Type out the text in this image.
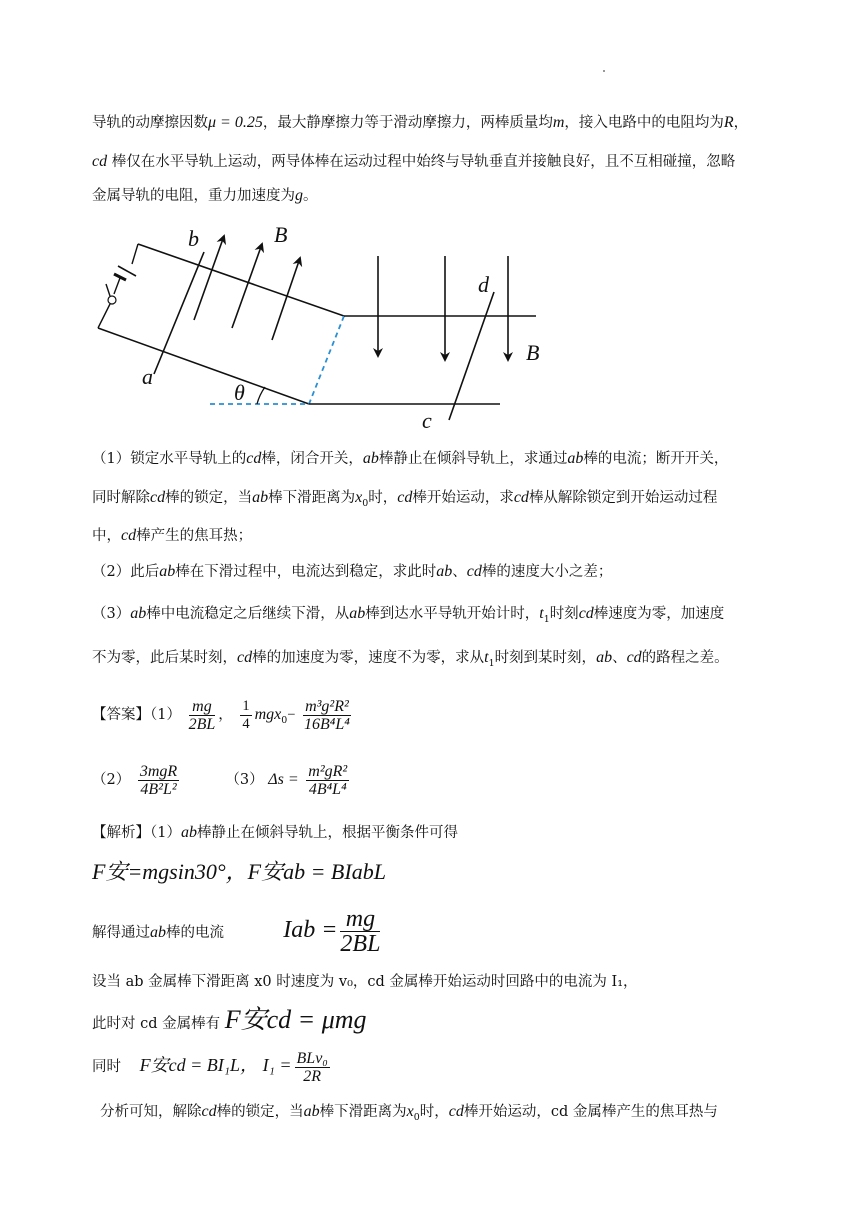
导轨的动摩擦因数μ = 0.25，最大静摩擦力等于滑动摩擦力，两棒质量均m，接入电路中的电阻均为R，
cd 棒仅在水平导轨上运动，两导体棒在运动过程中始终与导轨垂直并接触良好，且不互相碰撞，忽略
金属导轨的电阻，重力加速度为g。
b	B
a
θ
d
B
c
（1）锁定水平导轨上的cd棒，闭合开关，ab棒静止在倾斜导轨上，求通过ab棒的电流；断开开关，
同时解除cd棒的锁定，当ab棒下滑距离为$x_0$时，cd棒开始运动，求cd棒从解除锁定到开始运动过程
中，cd棒产生的焦耳热；
（2）此后ab棒在下滑过程中，电流达到稳定，求此时ab、cd棒的速度大小之差；
（3）ab棒中电流稳定之后继续下滑，从ab棒到达水平导轨开始计时，$t_1$时刻cd棒速度为零，加速度
不为零，此后某时刻，cd棒的加速度为零，速度不为零，求从$t_1$时刻到某时刻，ab、cd的路程之差。
【答案】$(1) \frac{mg}{2BL}$ ， $\frac{1}{4} mgx_0- \frac{\text{m³g²R²}}{\text{16B⁴L⁴}}$
$(2) \frac{\text{3mgR}}{\text{4B²L²}}$	（3） $\Delta s = \frac{\text{m²gR²}}{\text{4B⁴L⁴}}$
【解析】（1）ab棒静止在倾斜导轨上，根据平衡条件可得
F安=mgsin30°，F安ab = BIabL
解得通过ab棒的电流 Iab = $\frac{mg}{2BL}$
设当 ab 金属棒下滑距离 x0 时速度为 v₀，cd 金属棒开始运动时回路中的电流为 I₁，
此时对 cd 金属棒有 F安cd = μmg
同时 F安cd = BI₁L， $I_1 = \frac{\text{BLv₀}}{2R}$
分析可知，解除cd棒的锁定，当ab棒下滑距离为$x_0$时，cd棒开始运动，cd 金属棒产生的焦耳热与
